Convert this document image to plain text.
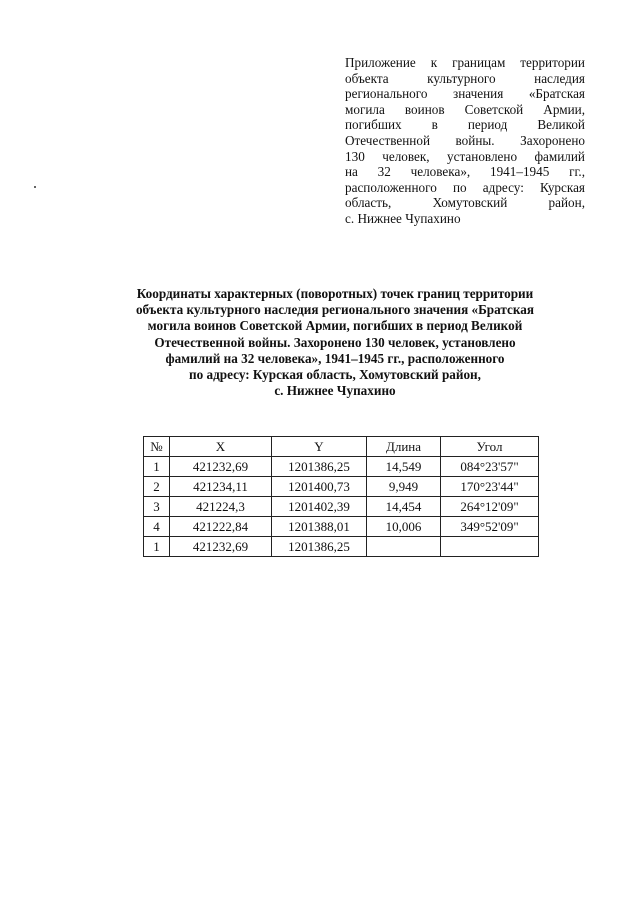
Приложение к границам территории
объекта культурного наследия
регионального значения «Братская
могила воинов Советской Армии,
погибших в период Великой
Отечественной войны. Захоронено
130 человек, установлено фамилий
на 32 человека», 1941–1945 гг.,
расположенного по адресу: Курская
область, Хомутовский район,
с. Нижнее Чупахино
Координаты характерных (поворотных) точек границ территории
объекта культурного наследия регионального значения «Братская
могила воинов Советской Армии, погибших в период Великой
Отечественной войны. Захоронено 130 человек, установлено
фамилий на 32 человека», 1941–1945 гг., расположенного
по адресу: Курская область, Хомутовский район,
с. Нижнее Чупахино
№	X	Y	Длина	Угол
1	421232,69	1201386,25	14,549	084°23'57"
2	421234,11	1201400,73	9,949	170°23'44"
3	421224,3	1201402,39	14,454	264°12'09"
4	421222,84	1201388,01	10,006	349°52'09"
1	421232,69	1201386,25		
